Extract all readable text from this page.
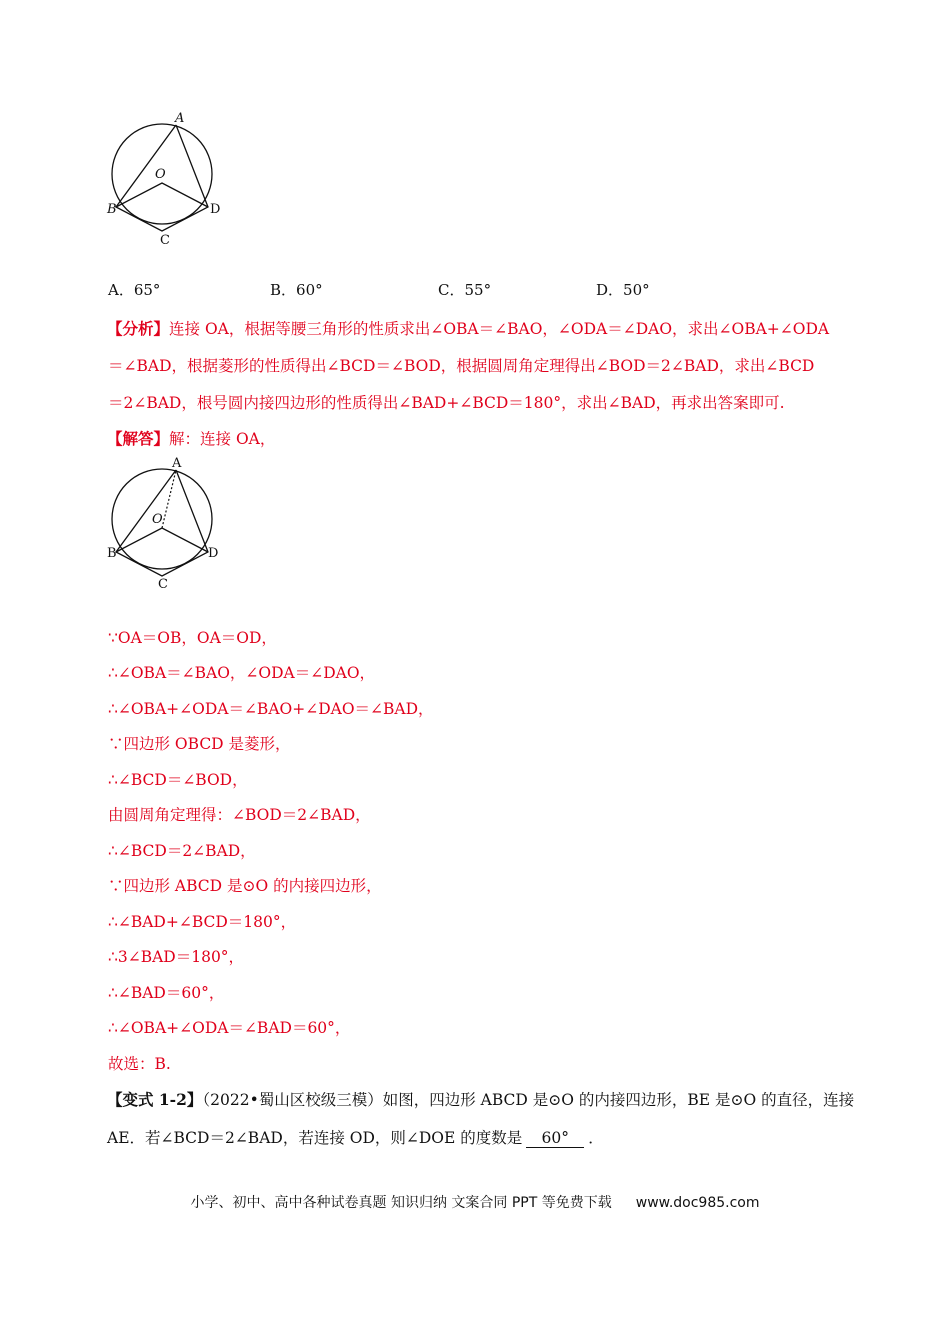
A
O
B
C
D
A．65°	B．60°	C．55°	D．50°
【分析】连接 OA，根据等腰三角形的性质求出∠OBA＝∠BAO，∠ODA＝∠DAO，求出∠OBA+∠ODA
＝∠BAD，根据菱形的性质得出∠BCD＝∠BOD，根据圆周角定理得出∠BOD＝2∠BAD，求出∠BCD
＝2∠BAD，根号圆内接四边形的性质得出∠BAD+∠BCD＝180°，求出∠BAD，再求出答案即可.
【解答】解：连接 OA，
A
O
B
C
D
∵OA＝OB，OA＝OD，
∴∠OBA＝∠BAO，∠ODA＝∠DAO，
∴∠OBA+∠ODA＝∠BAO+∠DAO＝∠BAD，
∵四边形 OBCD 是菱形，
∴∠BCD＝∠BOD，
由圆周角定理得：∠BOD＝2∠BAD，
∴∠BCD＝2∠BAD，
∵四边形 ABCD 是⊙O 的内接四边形，
∴∠BAD+∠BCD＝180°，
∴3∠BAD＝180°，
∴∠BAD＝60°，
∴∠OBA+∠ODA＝∠BAD＝60°，
故选：B.
【变式 1-2】（2022•蜀山区校级三模）如图，四边形 ABCD 是⊙O 的内接四边形，BE 是⊙O 的直径，连接
AE．若∠BCD＝2∠BAD，若连接 OD，则∠DOE 的度数是 60° ．
小学、初中、高中各种试卷真题 知识归纳 文案合同 PPT 等免费下载 www.doc985.com
